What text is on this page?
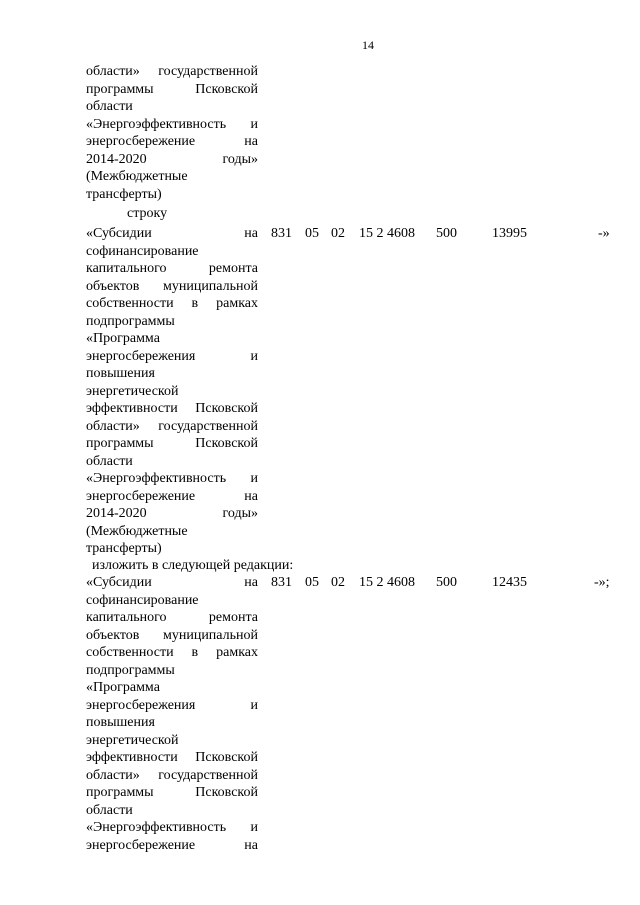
14
области» государственной
программы Псковской
области
«Энергоэффективность и
энергосбережение на
2014-2020 годы»
(Межбюджетные
трансферты)
строку
«Субсидии на
софинансирование
капитального ремонта
объектов муниципальной
собственности в рамках
подпрограммы
«Программа
энергосбережения и
повышения
энергетической
эффективности Псковской
области» государственной
программы Псковской
области
«Энергоэффективность и
энергосбережение на
2014-2020 годы»
(Межбюджетные
трансферты)
831 05 02 15 2 4608 500	13995	-»
изложить в следующей редакции:
«Субсидии на
софинансирование
капитального ремонта
объектов муниципальной
собственности в рамках
подпрограммы
«Программа
энергосбережения и
повышения
энергетической
эффективности Псковской
области» государственной
программы Псковской
области
«Энергоэффективность и
энергосбережение на
831 05 02 15 2 4608 500	12435	-»;
